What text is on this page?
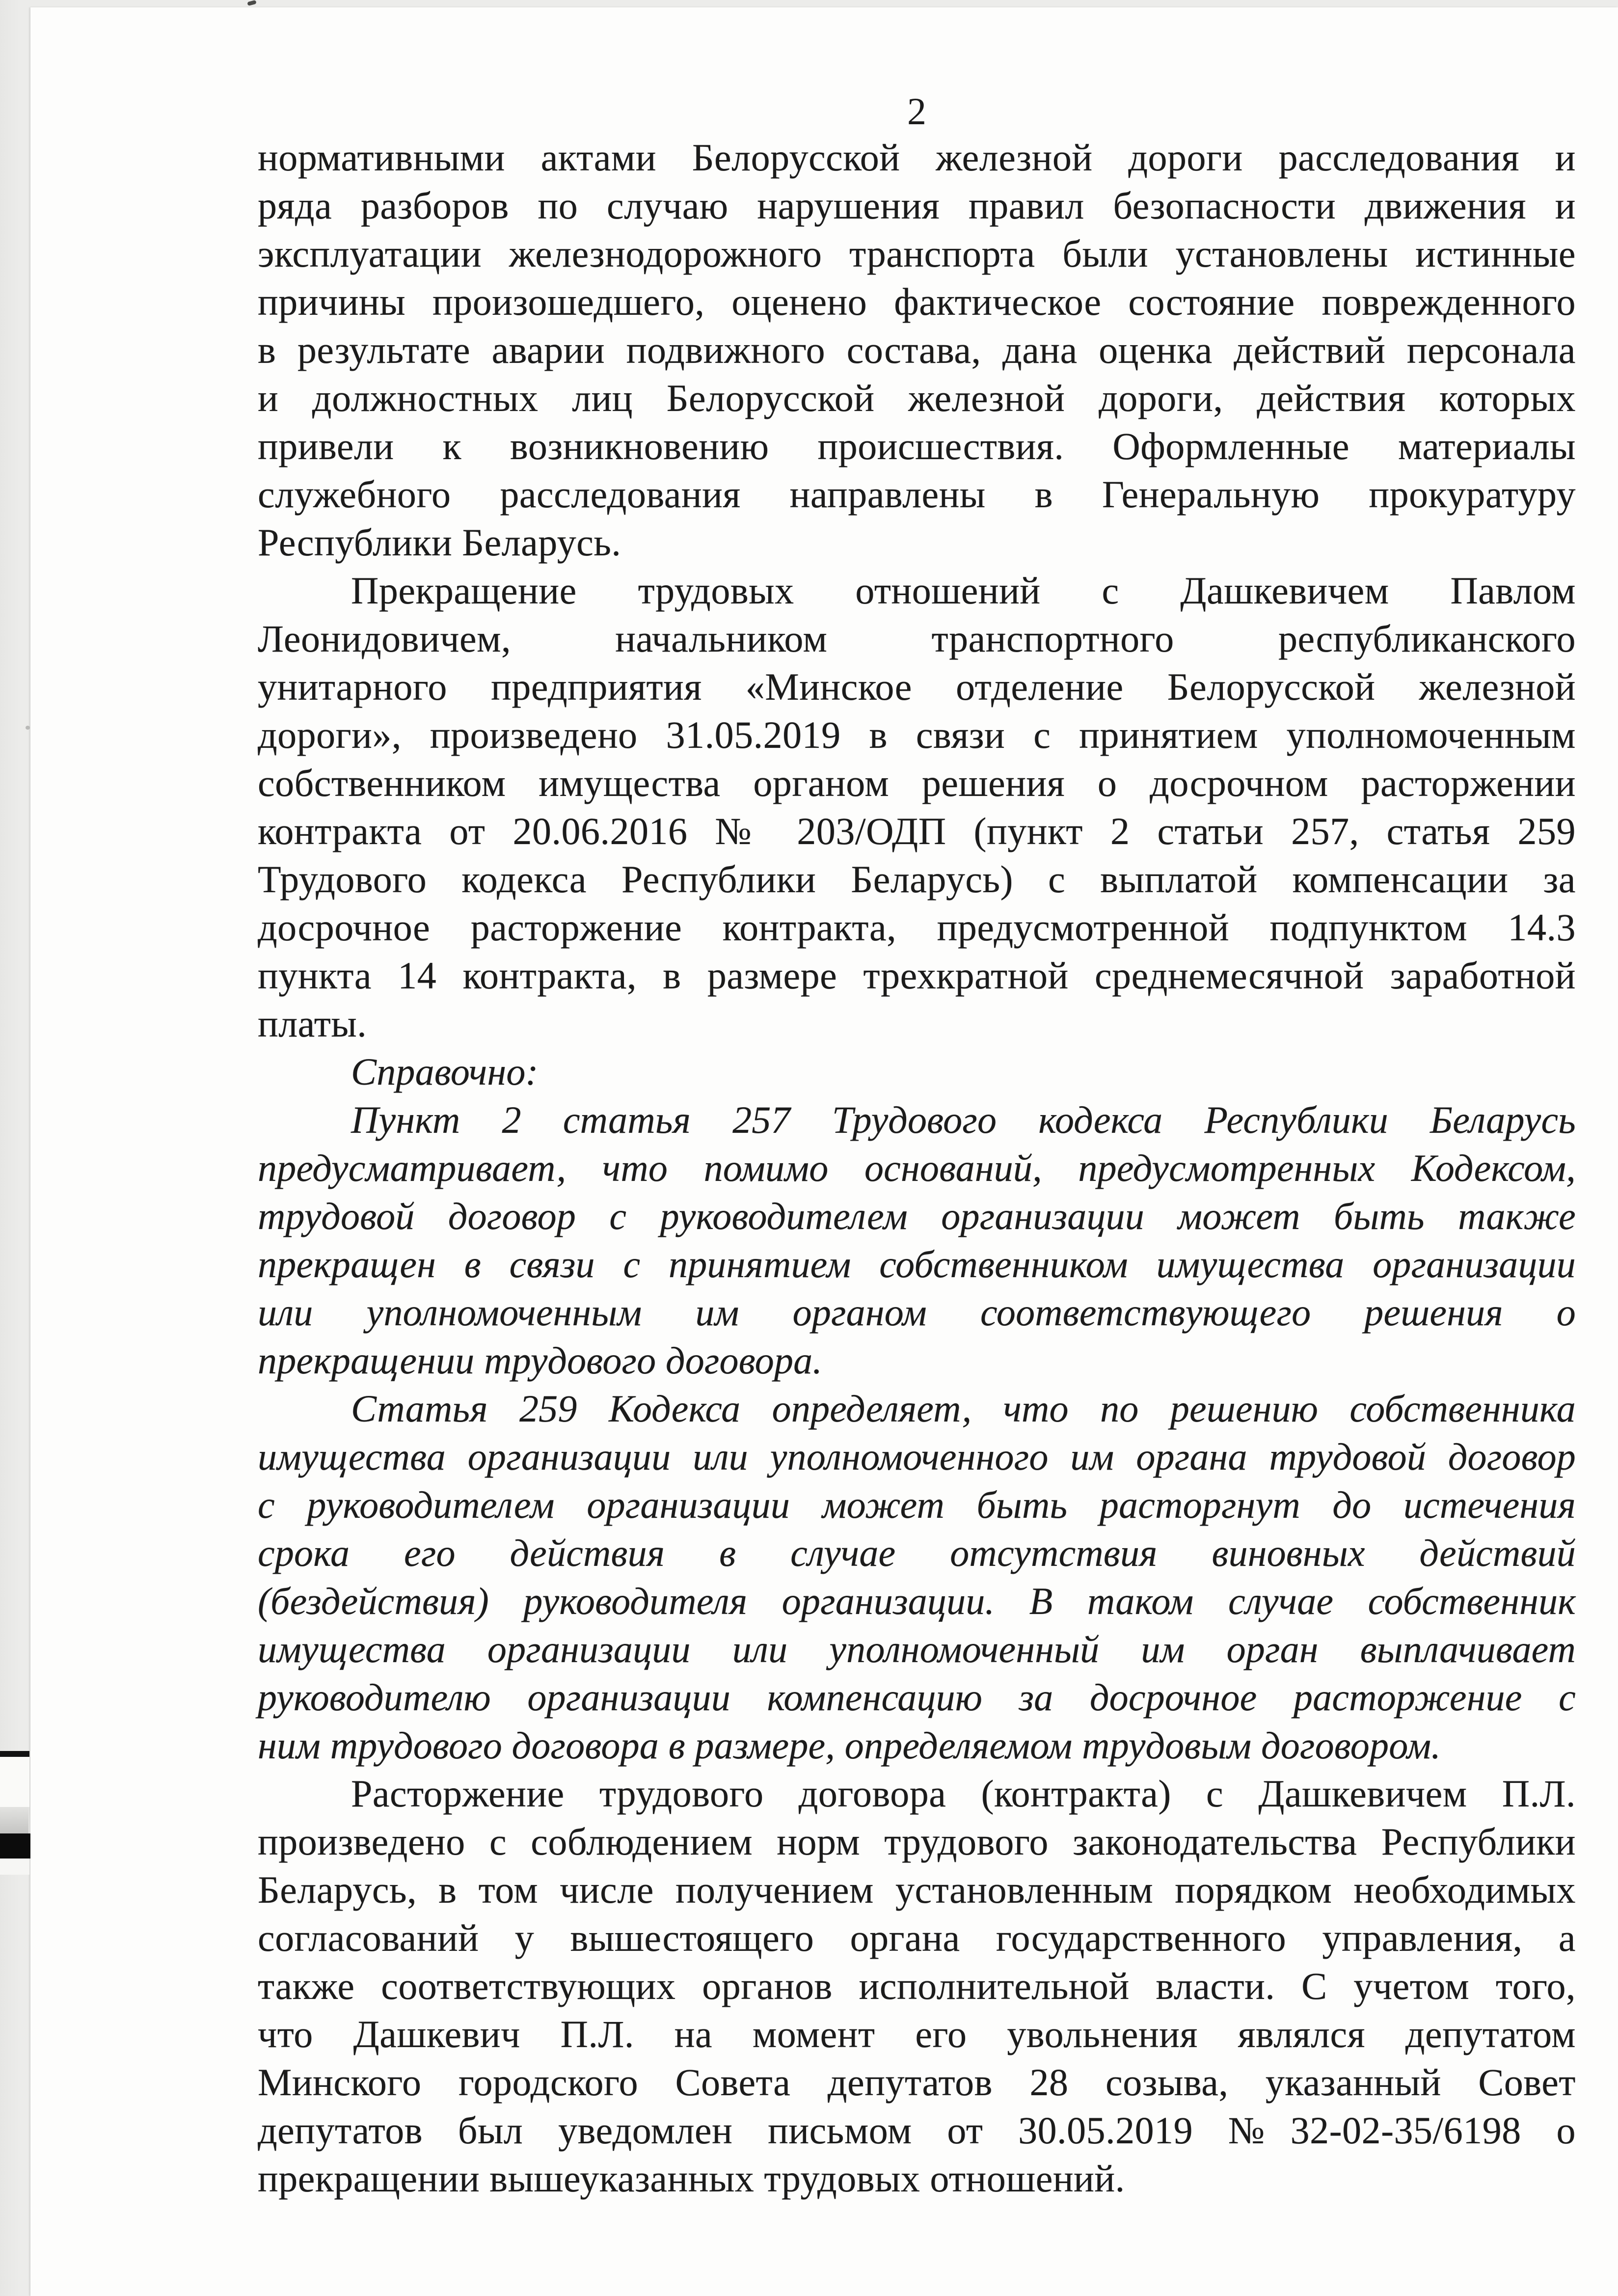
2
нормативными актами Белорусской железной дороги расследования и
ряда разборов по случаю нарушения правил безопасности движения и
эксплуатации железнодорожного транспорта были установлены истинные
причины произошедшего, оценено фактическое состояние поврежденного
в результате аварии подвижного состава, дана оценка действий персонала
и должностных лиц Белорусской железной дороги, действия которых
привели к возникновению происшествия. Оформленные материалы
служебного расследования направлены в Генеральную прокуратуру
Республики Беларусь.
Прекращение трудовых отношений с Дашкевичем Павлом
Леонидовичем, начальником транспортного республиканского
унитарного предприятия «Минское отделение Белорусской железной
дороги», произведено 31.05.2019 в связи с принятием уполномоченным
собственником имущества органом решения о досрочном расторжении
контракта от 20.06.2016 № 203/ОДП (пункт 2 статьи 257, статья 259
Трудового кодекса Республики Беларусь) с выплатой компенсации за
досрочное расторжение контракта, предусмотренной подпунктом 14.3
пункта 14 контракта, в размере трехкратной среднемесячной заработной
платы.
Справочно:
Пункт 2 статья 257 Трудового кодекса Республики Беларусь
предусматривает, что помимо оснований, предусмотренных Кодексом,
трудовой договор с руководителем организации может быть также
прекращен в связи с принятием собственником имущества организации
или уполномоченным им органом соответствующего решения о
прекращении трудового договора.
Статья 259 Кодекса определяет, что по решению собственника
имущества организации или уполномоченного им органа трудовой договор
с руководителем организации может быть расторгнут до истечения
срока его действия в случае отсутствия виновных действий
(бездействия) руководителя организации. В таком случае собственник
имущества организации или уполномоченный им орган выплачивает
руководителю организации компенсацию за досрочное расторжение с
ним трудового договора в размере, определяемом трудовым договором.
Расторжение трудового договора (контракта) с Дашкевичем П.Л.
произведено с соблюдением норм трудового законодательства Республики
Беларусь, в том числе получением установленным порядком необходимых
согласований у вышестоящего органа государственного управления, а
также соответствующих органов исполнительной власти. С учетом того,
что Дашкевич П.Л. на момент его увольнения являлся депутатом
Минского городского Совета депутатов 28 созыва, указанный Совет
депутатов был уведомлен письмом от 30.05.2019 №32-02-35/6198 о
прекращении вышеуказанных трудовых отношений.
